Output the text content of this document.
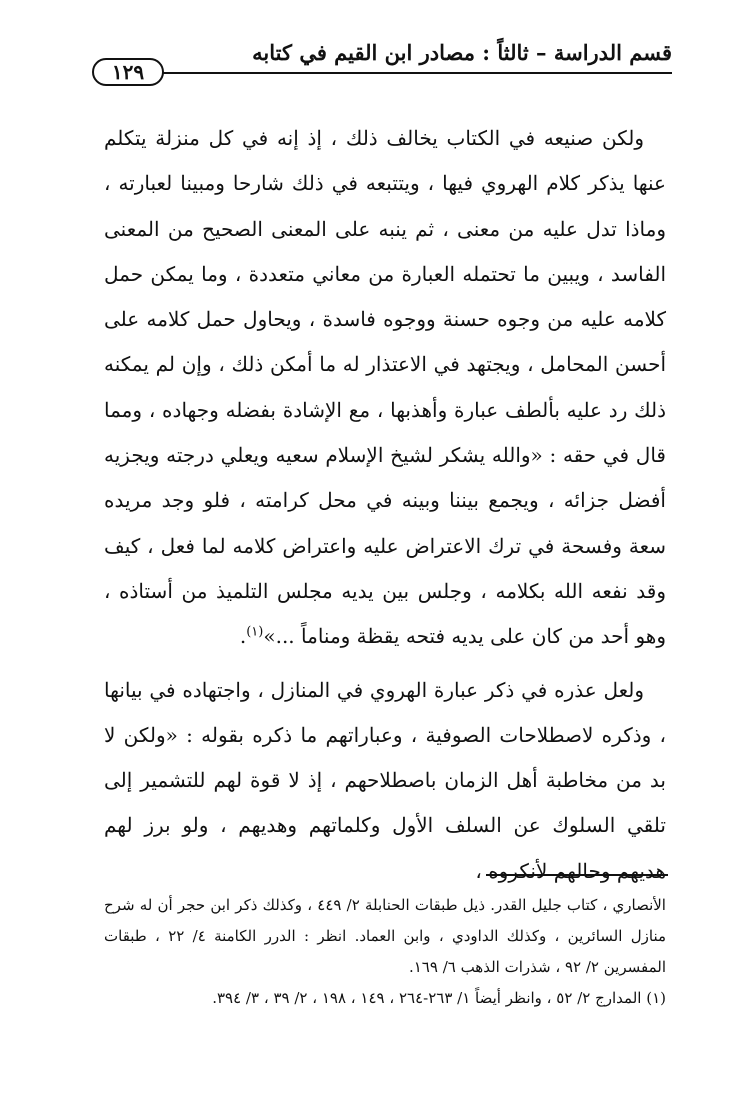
قسم الدراسة – ثالثاً : مصادر ابن القيم في كتابه
١٢٩

ولكن صنيعه في الكتاب يخالف ذلك ، إذ إنه في كل منزلة يتكلم عنها يذكر كلام الهروي فيها ، ويتتبعه في ذلك شارحا ومبينا لعبارته ، وماذا تدل عليه من معنى ، ثم ينبه على المعنى الصحيح من المعنى الفاسد ، ويبين ما تحتمله العبارة من معاني متعددة ، وما يمكن حمل كلامه عليه من وجوه حسنة ووجوه فاسدة ، ويحاول حمل كلامه على أحسن المحامل ، ويجتهد في الاعتذار له ما أمكن ذلك ، وإن لم يمكنه ذلك رد عليه بألطف عبارة وأهذبها ، مع الإشادة بفضله وجهاده ، ومما قال في حقه : «والله يشكر لشيخ الإسلام سعيه ويعلي درجته ويجزيه أفضل جزائه ، ويجمع بيننا وبينه في محل كرامته ، فلو وجد مريده سعة وفسحة في ترك الاعتراض عليه واعتراض كلامه لما فعل ، كيف وقد نفعه الله بكلامه ، وجلس بين يديه مجلس التلميذ من أستاذه ، وهو أحد من كان على يديه فتحه يقظة ومناماً ...»$^{(١)}$.

ولعل عذره في ذكر عبارة الهروي في المنازل ، واجتهاده في بيانها ، وذكره لاصطلاحات الصوفية ، وعباراتهم ما ذكره بقوله : «ولكن لا بد من مخاطبة أهل الزمان باصطلاحهم ، إذ لا قوة لهم للتشمير إلى تلقي السلوك عن السلف الأول وكلماتهم وهديهم ، ولو برز لهم هديهم وحالهم لأنكروه ،

الأنصاري ، كتاب جليل القدر. ذيل طبقات الحنابلة ٢/ ٤٤٩ ، وكذلك ذكر ابن حجر أن له شرح منازل السائرين ، وكذلك الداودي ، وابن العماد. انظر : الدرر الكامنة ٤/ ٢٢ ، طبقات المفسرين ٢/ ٩٢ ، شذرات الذهب ٦/ ١٦٩.

(١) المدارج ٢/ ٥٢ ، وانظر أيضاً ١/ ٢٦٣-٢٦٤ ، ١٤٩ ، ١٩٨ ، ٢/ ٣٩ ، ٣/ ٣٩٤.
